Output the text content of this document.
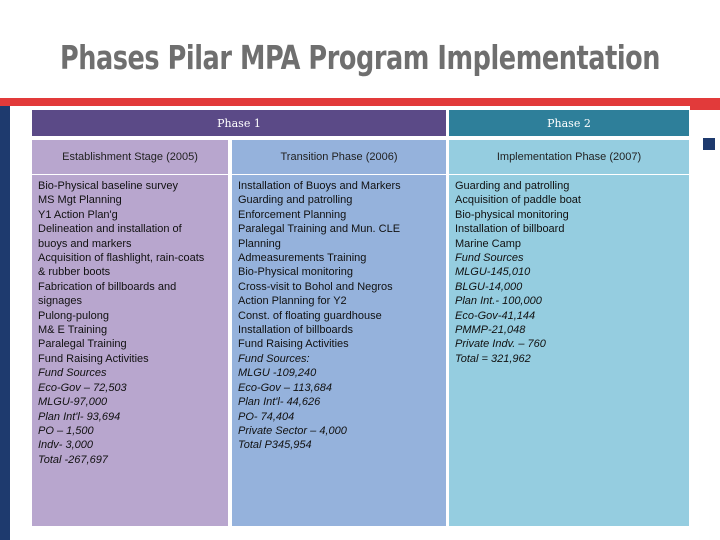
Phases Pilar MPA Program Implementation
Phase 1	Phase 2
Establishment Stage (2005)
Bio-Physical baseline survey
MS Mgt Planning
Y1 Action Plan'g
Delineation and installation of
buoys and markers
Acquisition of flashlight, rain-coats
& rubber boots
Fabrication of billboards and
signages
Pulong-pulong
M& E Training
Paralegal Training
Fund Raising Activities
Fund Sources
Eco-Gov – 72,503
MLGU-97,000
Plan Int'l- 93,694
PO – 1,500
Indv- 3,000
Total -267,697
Transition Phase (2006)
Installation of Buoys and Markers
Guarding and patrolling
Enforcement Planning
Paralegal Training and Mun. CLE
Planning
Admeasurements Training
Bio-Physical monitoring
Cross-visit to Bohol and Negros
Action Planning for Y2
Const. of floating guardhouse
Installation of billboards
Fund Raising Activities
Fund Sources:
MLGU -109,240
Eco-Gov – 113,684
Plan Int'l- 44,626
PO- 74,404
Private Sector – 4,000
Total P345,954
Implementation Phase (2007)
Guarding and patrolling
Acquisition of paddle boat
Bio-physical monitoring
Installation of billboard
Marine Camp
Fund Sources
MLGU-145,010
BLGU-14,000
Plan Int.- 100,000
Eco-Gov-41,144
PMMP-21,048
Private Indv. – 760
Total = 321,962
